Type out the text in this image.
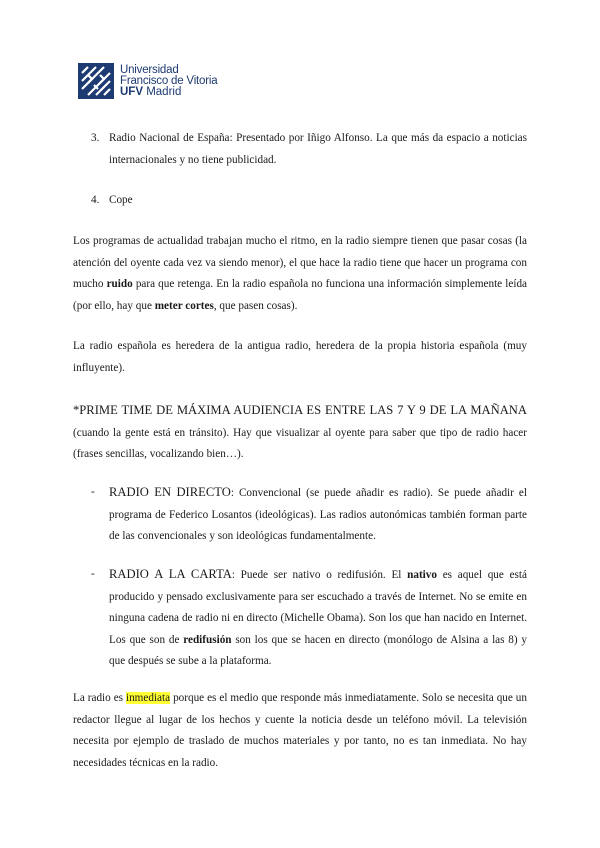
Universidad
Francisco de Vitoria
UFV Madrid
3. Radio Nacional de España: Presentado por Iñigo Alfonso. La que más da espacio a noticias internacionales y no tiene publicidad.
4. Cope
Los programas de actualidad trabajan mucho el ritmo, en la radio siempre tienen que pasar cosas (la atención del oyente cada vez va siendo menor), el que hace la radio tiene que hacer un programa con mucho ruido para que retenga. En la radio española no funciona una información simplemente leída (por ello, hay que meter cortes, que pasen cosas).
La radio española es heredera de la antigua radio, heredera de la propia historia española (muy influyente).
*PRIME TIME DE MÁXIMA AUDIENCIA ES ENTRE LAS 7 Y 9 DE LA MAÑANA (cuando la gente está en tránsito). Hay que visualizar al oyente para saber que tipo de radio hacer (frases sencillas, vocalizando bien…).
-	RADIO EN DIRECTO: Convencional (se puede añadir es radio). Se puede añadir el programa de Federico Losantos (ideológicas). Las radios autonómicas también forman parte de las convencionales y son ideológicas fundamentalmente.
-	RADIO A LA CARTA: Puede ser nativo o redifusión. El nativo es aquel que está producido y pensado exclusivamente para ser escuchado a través de Internet. No se emite en ninguna cadena de radio ni en directo (Michelle Obama). Son los que han nacido en Internet. Los que son de redifusión son los que se hacen en directo (monólogo de Alsina a las 8) y que después se sube a la plataforma.
La radio es inmediata porque es el medio que responde más inmediatamente. Solo se necesita que un redactor llegue al lugar de los hechos y cuente la noticia desde un teléfono móvil. La televisión necesita por ejemplo de traslado de muchos materiales y por tanto, no es tan inmediata. No hay necesidades técnicas en la radio.
